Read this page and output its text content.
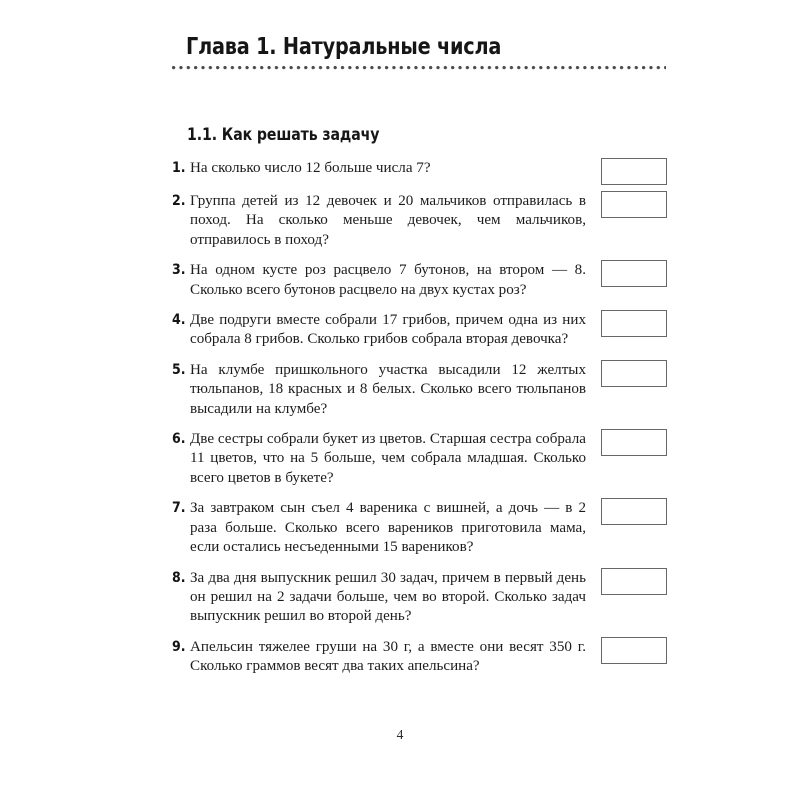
Глава 1. Натуральные числа
1.1. Как решать задачу
1. На сколько число 12 больше числа 7?

2. Группа детей из 12 девочек и 20 мальчиков отправилась в поход. На сколько меньше девочек, чем мальчиков, отправилось в поход?

3. На одном кусте роз расцвело 7 бутонов, на втором — 8. Сколько всего бутонов расцвело на двух кустах роз?

4. Две подруги вместе собрали 17 грибов, причем одна из них собрала 8 грибов. Сколько грибов собрала вторая девочка?

5. На клумбе пришкольного участка высадили 12 желтых тюльпанов, 18 красных и 8 белых. Сколько всего тюльпанов высадили на клумбе?

6. Две сестры собрали букет из цветов. Старшая сестра собрала 11 цветов, что на 5 больше, чем собрала младшая. Сколько всего цветов в букете?

7. За завтраком сын съел 4 вареника с вишней, а дочь — в 2 раза больше. Сколько всего вареников приготовила мама, если остались несъеденными 15 вареников?

8. За два дня выпускник решил 30 задач, причем в первый день он решил на 2 задачи больше, чем во второй. Сколько задач выпускник решил во второй день?

9. Апельсин тяжелее груши на 30 г, а вместе они весят 350 г. Сколько граммов весят два таких апельсина?

4
